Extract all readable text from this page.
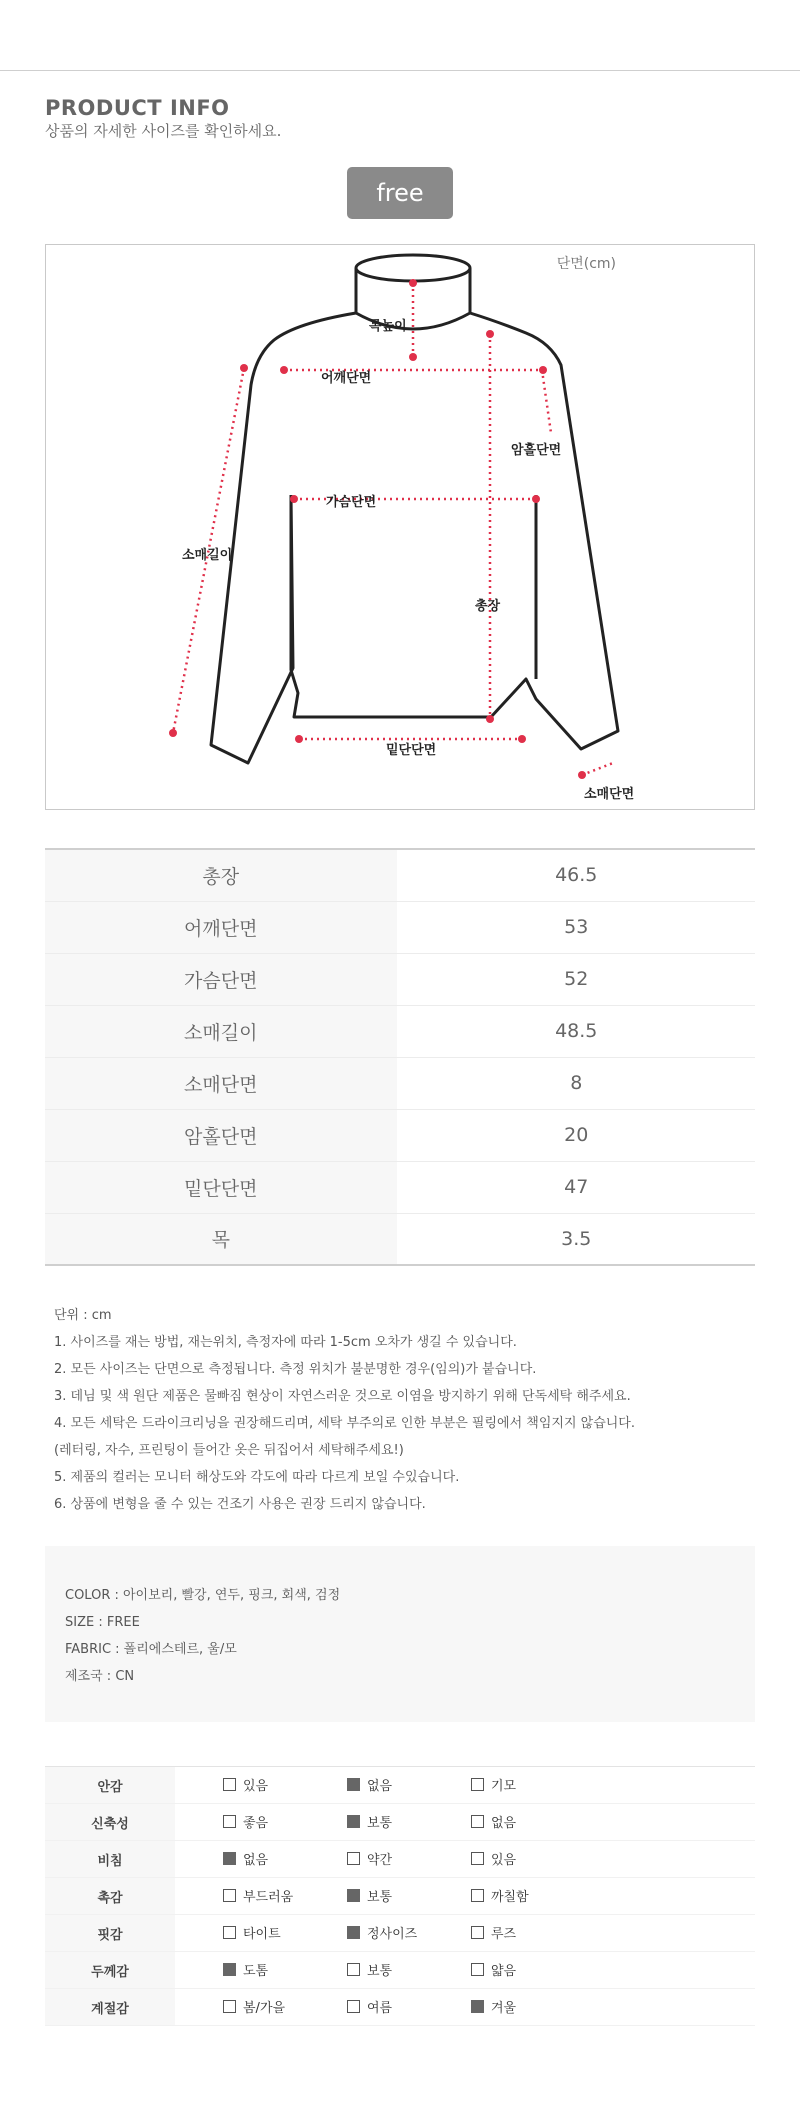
PRODUCT INFO
상품의 자세한 사이즈를 확인하세요.
free
단면(cm)
목높이
어깨단면
암홀단면
가슴단면
소매길이
총장
밑단단면
소매단면
총장	46.5
어깨단면	53
가슴단면	52
소매길이	48.5
소매단면	8
암홀단면	20
밑단단면	47
목	3.5
단위 : cm
1. 사이즈를 재는 방법, 재는위치, 측정자에 따라 1-5cm 오차가 생길 수 있습니다.
2. 모든 사이즈는 단면으로 측정됩니다. 측정 위치가 불분명한 경우(임의)가 붙습니다.
3. 데님 및 색 원단 제품은 물빠짐 현상이 자연스러운 것으로 이염을 방지하기 위해 단독세탁 해주세요.
4. 모든 세탁은 드라이크리닝을 권장해드리며, 세탁 부주의로 인한 부분은 필링에서 책임지지 않습니다.
(레터링, 자수, 프린팅이 들어간 옷은 뒤집어서 세탁해주세요!)
5. 제품의 컬러는 모니터 해상도와 각도에 따라 다르게 보일 수있습니다.
6. 상품에 변형을 줄 수 있는 건조기 사용은 권장 드리지 않습니다.
COLOR : 아이보리, 빨강, 연두, 핑크, 회색, 검정
SIZE : FREE
FABRIC : 폴리에스테르, 울/모
제조국 : CN
안감	있음 없음 기모

신축성	좋음 보통 없음

비침	없음 약간 있음

촉감	부드러움 보통 까칠함

핏감	타이트 정사이즈 루즈

두께감	도톰 보통 얇음

계절감	봄/가을 여름 겨울
